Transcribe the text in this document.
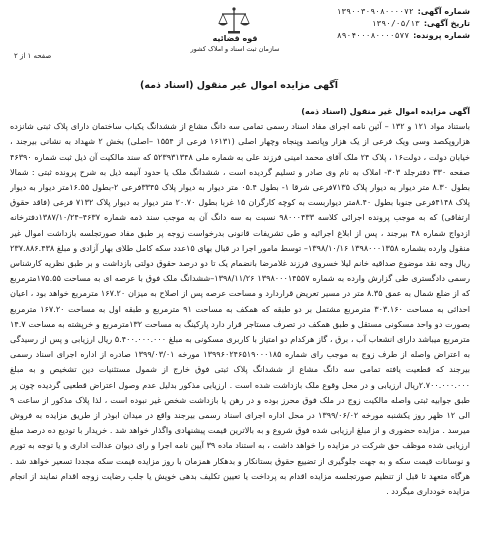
شماره آگهی:
۱۳۹۰۰۳۰۹۰۸۰۰۰۰۷۲
تاریخ آگهی:
۱۳۹۰/۰۵/۱۳
شماره پرونده:
۸۹۰۴۰۰۰۸۰۰۰۰۵۷۷
قوه قضائیه
سازمان ثبت اسناد و املاک کشور
صفحه ۱ از ۲
آگهی مزایده اموال غیر منقول (اسناد ذمه)
آگهی مزایده اموال غیر منقول (اسناد ذمه)
باستناد مواد ۱۲۱ و ۱۳۲ – آئین نامه اجرای مفاد اسناد رسمی تمامی سه دانگ مشاع از ششدانگ یکباب ساختمان دارای پلاک ثبتی شانزده هزاروپکصد وسی ویک فرعی از یک هزار وپانصد وپنجاه وچهار اصلی (۱۶۱۳۱ فرعی از ۱۵۵۴ –اصلی) بخش ۲ شهداد به نشانی بیرجند ، خیابان دولت ، دولت۱۶ ، پلاک ۲۴ ملک آقای محمد امینی فرزند علی به شماره ملی ۵۲۳۹۳۱۳۴۸ که سند مالکیت آن ذیل ثبت شماره ۴۶۳۹۰ صفحه ۳۳۰ دفترجلد ۳۰۳- املاک به نام وی صادر و تسلیم گردیده است ، ششدانگ ملک یا حدود آنیمه ذیل به شرح پرونده ثبتی : شمالا بطول ۸.۳۰ متر دیوار به دیوار پلاک ۷۱۳۵فرعی شرقا ۱- بطول ۰۵.۴ متر دیوار به دیوار پلاک ۳۳۴۵فرعی ۲-بطول ۱۶.۵۵متر دیوار به دیوار پلاک ۴۱۴۸فرعی جنوبا بطول ۸.۴۰متر دیواربست به کوچه کارگران ۱۵ غربا بطول ۲۰.۷۰ متر دیوار به دیوار پلاک ۷۱۳۲ فرعی (فاقد حقوق ارتفاقی) که به موجب پرونده اجرائی کلاسه ۹۸۰۰۰۴۳۳ نسبت به سه دانگ آن به موجب سند ذمه شماره ۴۶۳۷–۱۳۸۷/۱۰/۲۴دفترخانه ازدواج شماره ۴۸ بیرجند ، پس از ابلاغ اجرائیه و طی تشریفات قانونی بدرخواست زوجه پر طبق مفاد صورتجلسه بازداشت اموال غیر منقول وارده بشماره ۱۳۹۸۰۰۰۱۳۵۸ ۱۳۹۸/۱۰/۱۶– توسط مامور اجرا در قبال بهای ۱۵عدد سکه کامل طلای بهار آزادی و مبلغ ۲۳۷.۸۸۶.۴۳۸ ریال وجه نقد موضوع صداقیه خانم لیلا خسروی فرزند غلامرضا بانضمام یک تا دو درصد حقوق دولتی بازداشت و بر طبق نظریه کارشناس رسمی دادگستری طی گزارش وارده به شماره ۱۳۹۸۰۰۰۱۴۵۵۷ ۱۳۹۸/۱۱/۲۶–ششدانگ ملک فوق با عرصه ای به مساحت ۱۷۵.۵۵مترمربع که از ضلع شمال به عمق ۸.۳۵ متر در مسیر تعریض قراردارد و مساحت عرصه پس از اصلاح به میزان ۱۶۷.۲۰ مترمربع خواهد بود ، اعیان احداثی به مساحت ۳۰۳.۱۶۰ مترمربع مشتمل بر دو طبقه که همکف به مساحت ۹۱ مترمربع و طبقه اول به مساحت ۱۶۷.۲۰ مترمربع بصورت دو واحد مسکونی مستقل و طبق همکف در تصرف مستاجر قرار دارد پارکینگ به مساحت ۱۳۲مترمربع و خرپشته به مساحت ۱۴.۷ مترمربع میباشد دارای انشعاب آب ، برق ، گاز هرکدام دو امتیاز با کاربری مسکونی به مبلغ ۵.۴۰۰.۰۰۰.۰۰۰ ریال ارزیابی و پس از رسیدگی به اعتراض واصله از طرف زوج به موجب رای شماره ۱۳۹۹۶۰۲۴۶۵۱۹۰۰۰۱۸۵ مورخه ۱۳۹۹/۰۳/۰۱ صادره از اداره اجرای اسناد رسمی بیرجند که قطعیت یافته تمامی سه دانگ مشاع از ششدانگ پلاک ثبتی فوق خارج از شمول مستثنیات دین تشخیص و به مبلغ ۲.۷۰۰.۰۰۰.۰۰۰ریال ارزیابی و در محل وقوع ملک بازداشت شده است . ارزیابی مذکور بدلیل عدم وصول اعتراض قطعیی گردیده چون پر طبق جوابیه ثبتی واصله مالکیت زوج در ملک فوق محرز بوده و در رهن یا بازداشت شخص غیر نبوده است ، لذا پلاک مذکور از ساعت ۹ الی ۱۲ ظهر روز یکشنبه مورخه ۱۳۹۹/۰۶/۰۲ در محل اداره اجرای اسناد رسمی بیرجند واقع در میدان ابوذر از طریق مزایده به فروش میرسد . مزایده حضوری و از مبلغ ارزیابی شده فوق شروع و به بالاترین قیمت پیشنهادی واگذار خواهد شد . خریدار با تودیع ده درصد مبلغ ارزیابی شده موظف حق شرکت در مزایده را خواهد داشت ، به استناد ماده ۳۹ آیین نامه اجرا و رای دیوان عدالت اداری و یا توجه به تورم و نوسانات قیمت سکه و به جهت جلوگیری از تضییع حقوق بستانکار و بدهکار همزمان با روز مزایده قیمت سکه مجددا تسعیر خواهد شد . هرگاه متعهد تا قبل از تنظیم صورتجلسه مزایده اقدام به پرداخت یا تعیین تکلیف بدهی خویش یا جلب رضایت زوجه اقدام نمایند از انجام مزایده خودداری میگردد .
